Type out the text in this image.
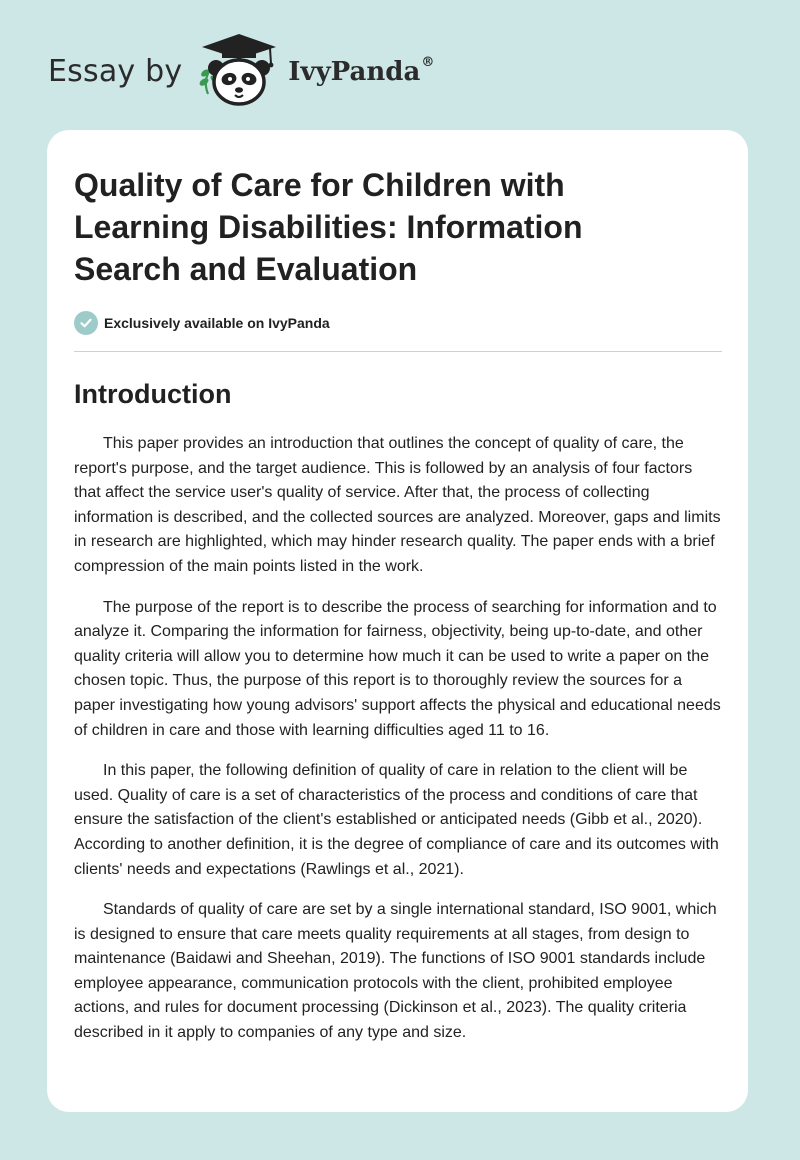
Essay by	IvyPanda®
Quality of Care for Children with Learning Disabilities: Information Search and Evaluation
Exclusively available on IvyPanda
Introduction

This paper provides an introduction that outlines the concept of quality of care, the report's purpose, and the target audience. This is followed by an analysis of four factors that affect the service user's quality of service. After that, the process of collecting information is described, and the collected sources are analyzed. Moreover, gaps and limits in research are highlighted, which may hinder research quality. The paper ends with a brief compression of the main points listed in the work.

The purpose of the report is to describe the process of searching for information and to analyze it. Comparing the information for fairness, objectivity, being up-to-date, and other quality criteria will allow you to determine how much it can be used to write a paper on the chosen topic. Thus, the purpose of this report is to thoroughly review the sources for a paper investigating how young advisors' support affects the physical and educational needs of children in care and those with learning difficulties aged 11 to 16.

In this paper, the following definition of quality of care in relation to the client will be used. Quality of care is a set of characteristics of the process and conditions of care that ensure the satisfaction of the client's established or anticipated needs (Gibb et al., 2020). According to another definition, it is the degree of compliance of care and its outcomes with clients' needs and expectations (Rawlings et al., 2021).

Standards of quality of care are set by a single international standard, ISO 9001, which is designed to ensure that care meets quality requirements at all stages, from design to maintenance (Baidawi and Sheehan, 2019). The functions of ISO 9001 standards include employee appearance, communication protocols with the client, prohibited employee actions, and rules for document processing (Dickinson et al., 2023). The quality criteria described in it apply to companies of any type and size.
